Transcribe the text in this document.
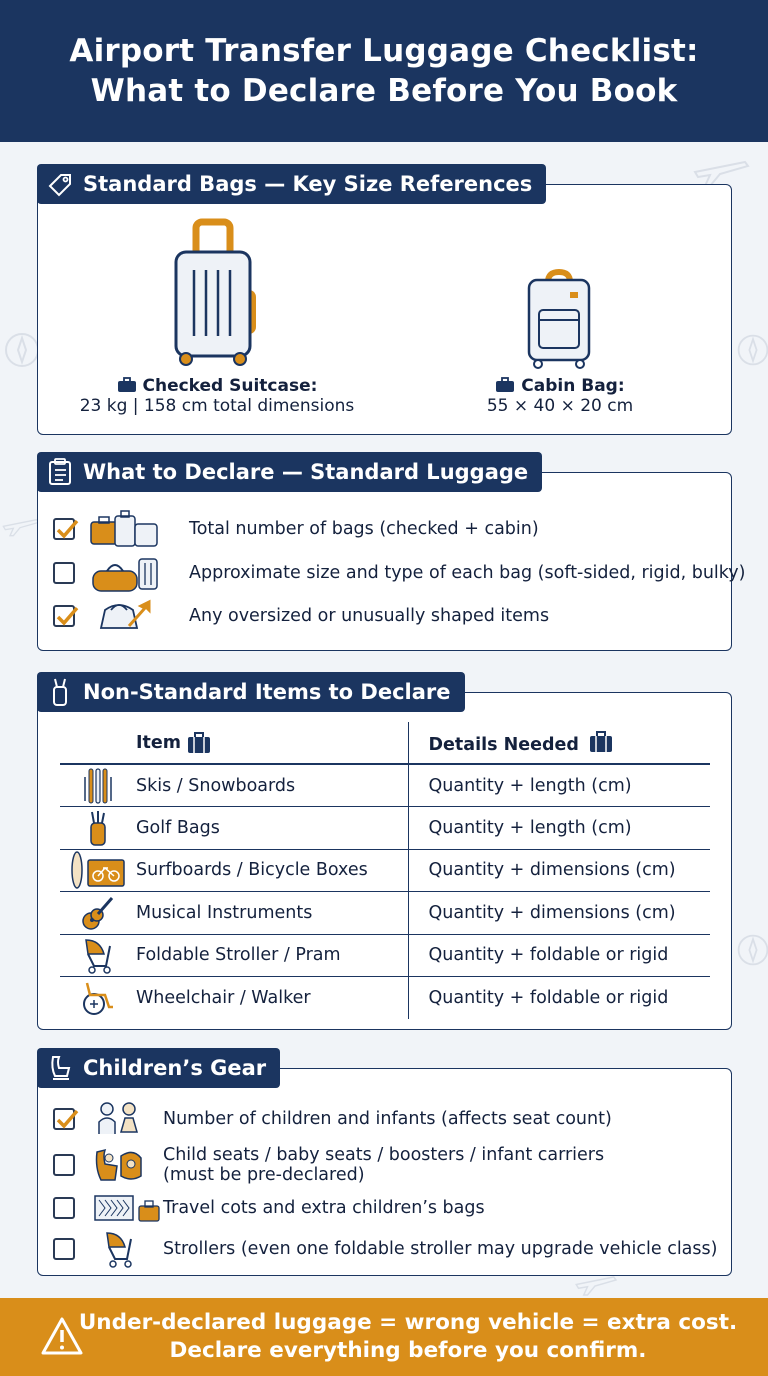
Airport Transfer Luggage Checklist:
What to Declare Before You Book
Standard Bags — Key Size References
Checked Suitcase:
23 kg | 158 cm total dimensions
Cabin Bag:
55 × 40 × 20 cm
What to Declare — Standard Luggage
Total number of bags (checked + cabin)
Approximate size and type of each bag (soft-sided, rigid, bulky)
Any oversized or unusually shaped items
Non-Standard Items to Declare
Item	Details Needed

Skis / Snowboards	Quantity + length (cm)

Golf Bags	Quantity + length (cm)

Surfboards / Bicycle Boxes	Quantity + dimensions (cm)

Musical Instruments	Quantity + dimensions (cm)

Foldable Stroller / Pram	Quantity + foldable or rigid

Wheelchair / Walker	Quantity + foldable or rigid
Children’s Gear
Number of children and infants (affects seat count)
Child seats / baby seats / boosters / infant carriers
(must be pre-declared)
Travel cots and extra children’s bags
Strollers (even one foldable stroller may upgrade vehicle class)
Under-declared luggage = wrong vehicle = extra cost.
Declare everything before you confirm.
